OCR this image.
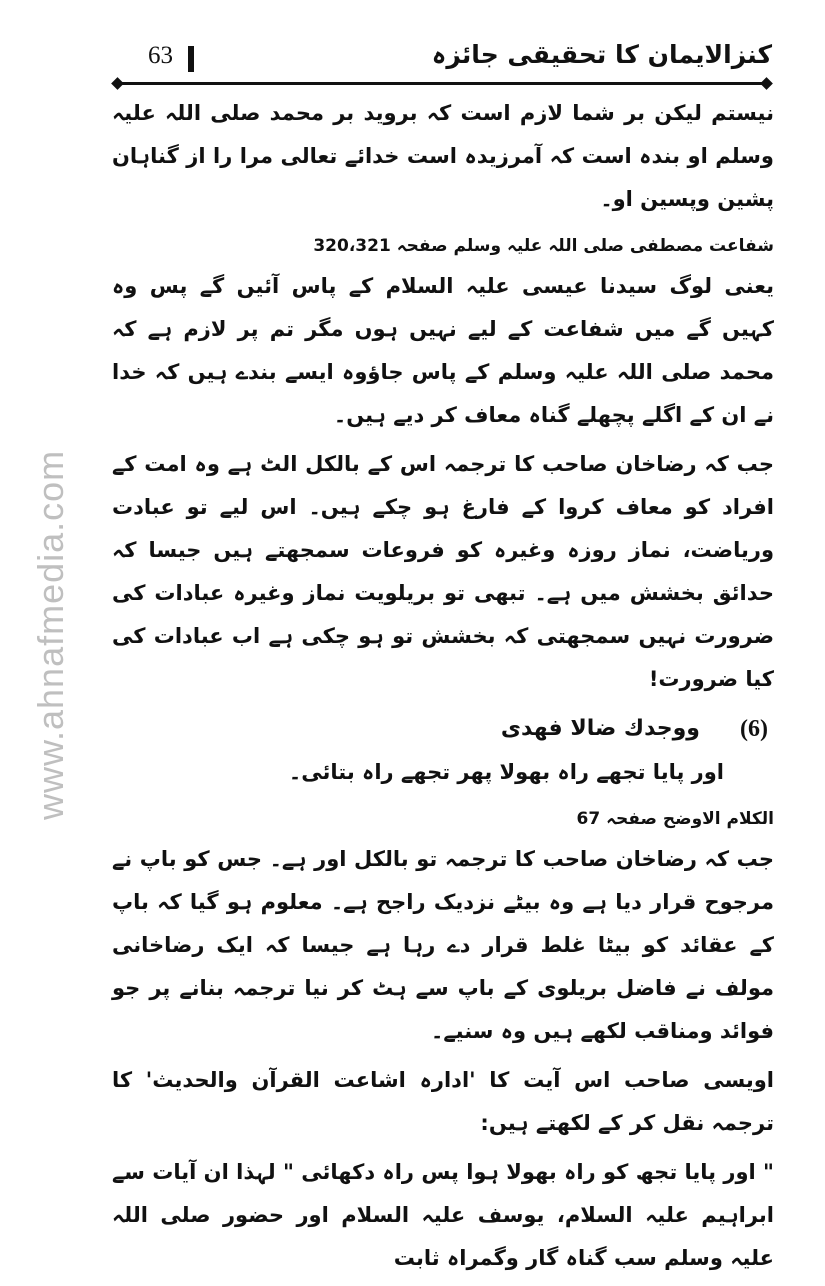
63	کنزالایمان کا تحقیقی جائزہ
www.ahnafmedia.com

نیستم لیکن بر شما لازم است کہ بروید بر محمد صلی اللہ علیہ وسلم او بندہ است کہ آمرزیدہ است خدائے تعالی مرا را از گناہان پشین وپسین او۔

شفاعت مصطفی صلی اللہ علیہ وسلم صفحہ 320،321

یعنی لوگ سیدنا عیسی علیہ السلام کے پاس آئیں گے پس وہ کہیں گے میں شفاعت کے لیے نہیں ہوں مگر تم پر لازم ہے کہ محمد صلی اللہ علیہ وسلم کے پاس جاؤوہ ایسے بندے ہیں کہ خدا نے ان کے اگلے پچھلے گناہ معاف کر دیے ہیں۔

جب کہ رضاخان صاحب کا ترجمہ اس کے بالکل الٹ ہے وہ امت کے افراد کو معاف کروا کے فارغ ہو چکے ہیں۔ اس لیے تو عبادت وریاضت، نماز روزہ وغیرہ کو فروعات سمجھتے ہیں جیسا کہ حدائق بخشش میں ہے۔ تبھی تو بریلویت نماز وغیرہ عبادات کی ضرورت نہیں سمجھتی کہ بخشش تو ہو چکی ہے اب عبادات کی کیا ضرورت!

(6)
ووجدك ضالا فهدى

اور پایا تجھے راہ بھولا پھر تجھے راہ بتائی۔

الکلام الاوضح صفحہ 67

جب کہ رضاخان صاحب کا ترجمہ تو بالکل اور ہے۔ جس کو باپ نے مرجوح قرار دیا ہے وہ بیٹے نزدیک راجح ہے۔ معلوم ہو گیا کہ باپ کے عقائد کو بیٹا غلط قرار دے رہا ہے جیسا کہ ایک رضاخانی مولف نے فاضل بریلوی کے باپ سے ہٹ کر نیا ترجمہ بنانے پر جو فوائد ومناقب لکھے ہیں وہ سنیے۔

اویسی صاحب اس آیت کا 'ادارہ اشاعت القرآن والحدیث' کا ترجمہ نقل کر کے لکھتے ہیں:

" اور پایا تجھ کو راہ بھولا ہوا پس راہ دکھائی " لہذا ان آیات سے ابراہیم علیہ السلام، یوسف علیہ السلام اور حضور صلی اللہ علیہ وسلم سب گناہ گار وگمراہ ثابت
